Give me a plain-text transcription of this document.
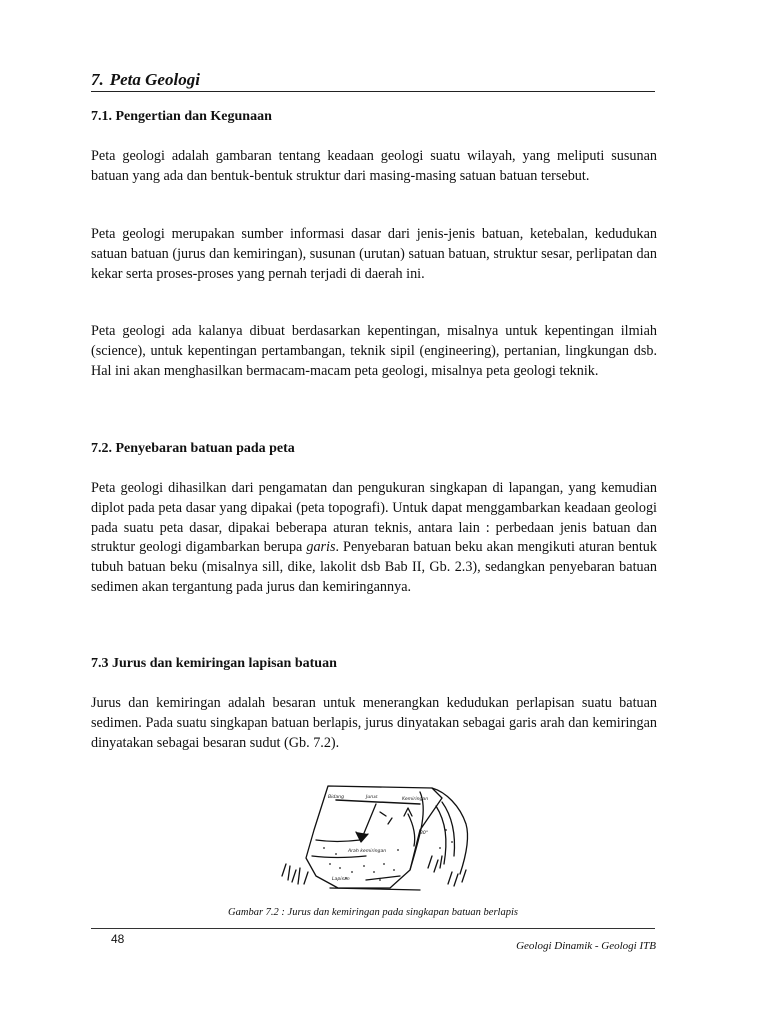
7. Peta Geologi
7.1. Pengertian dan Kegunaan

Peta geologi adalah gambaran tentang keadaan geologi suatu wilayah, yang meliputi susunan batuan yang ada dan bentuk-bentuk struktur dari masing-masing satuan batuan tersebut.

Peta geologi merupakan sumber informasi dasar dari jenis-jenis batuan, ketebalan, kedudukan satuan batuan (jurus dan kemiringan), susunan (urutan) satuan batuan, struktur sesar, perlipatan dan kekar serta proses-proses yang pernah terjadi di daerah ini.

Peta geologi ada kalanya dibuat berdasarkan kepentingan, misalnya untuk kepentingan ilmiah (science), untuk kepentingan pertambangan, teknik sipil (engineering), pertanian, lingkungan dsb. Hal ini akan menghasilkan bermacam-macam peta geologi, misalnya peta geologi teknik.

7.2. Penyebaran batuan pada peta

Peta geologi dihasilkan dari pengamatan dan pengukuran singkapan di lapangan, yang kemudian diplot pada peta dasar yang dipakai (peta topografi). Untuk dapat menggambarkan keadaan geologi pada suatu peta dasar, dipakai beberapa aturan teknis, antara lain : perbedaan jenis batuan dan struktur geologi digambarkan berupa garis. Penyebaran batuan beku akan mengikuti aturan bentuk tubuh batuan beku (misalnya sill, dike, lakolit dsb Bab II, Gb. 2.3), sedangkan penyebaran batuan sedimen akan tergantung pada jurus dan kemiringannya.

7.3 Jurus dan kemiringan lapisan batuan

Jurus dan kemiringan adalah besaran untuk menerangkan kedudukan perlapisan suatu batuan sedimen. Pada suatu singkapan batuan berlapis, jurus dinyatakan sebagai garis arah dan kemiringan dinyatakan sebagai besaran sudut (Gb. 7.2).

Bidang	Jurus	Kemiringan
30°
Arah kemiringan
Lapisan
Gambar 7.2 : Jurus dan kemiringan pada singkapan batuan berlapis
48	Geologi Dinamik - Geologi ITB
